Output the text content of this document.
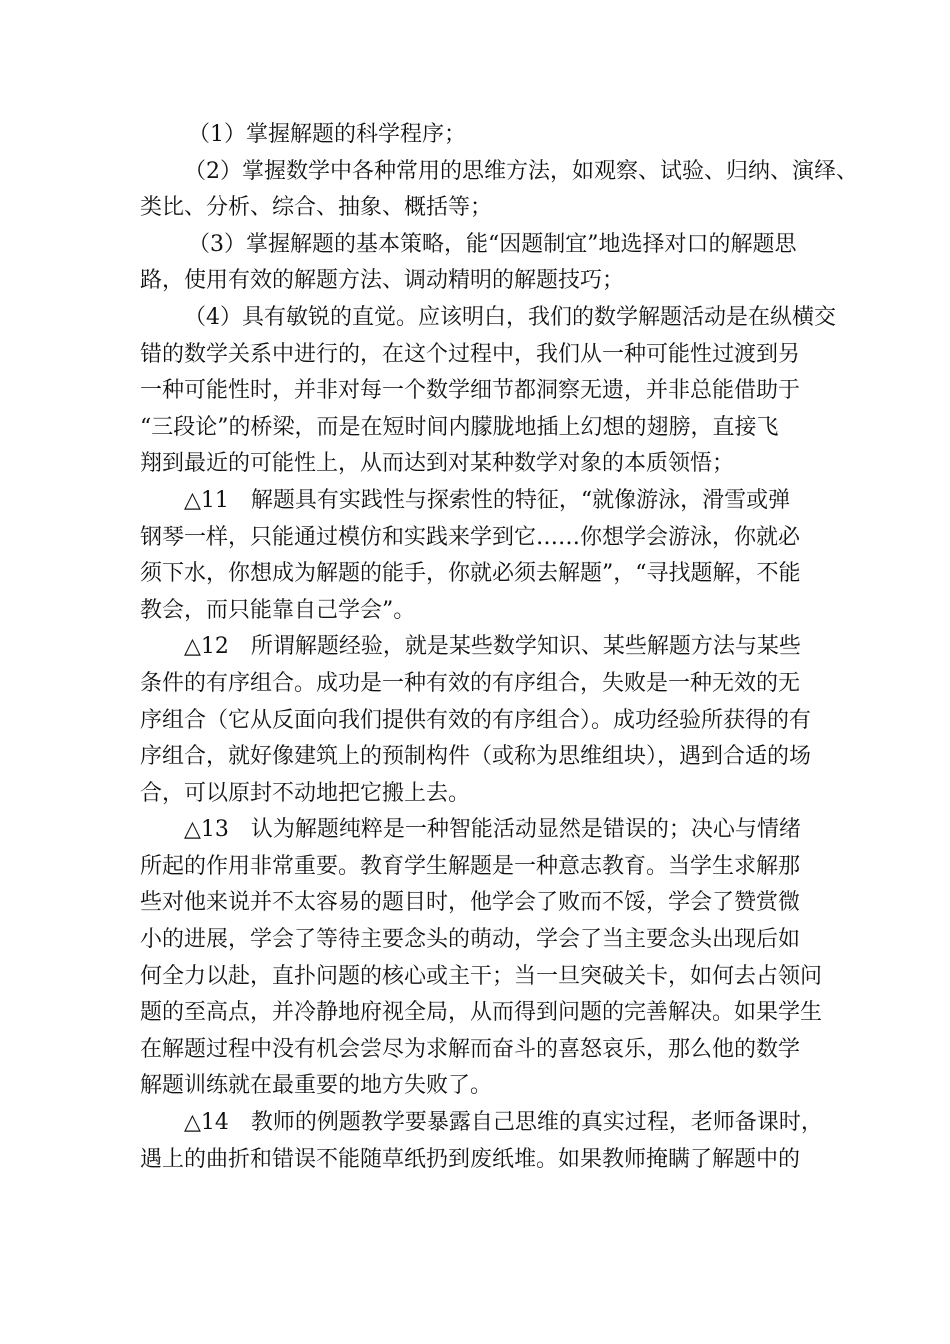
（1）掌握解题的科学程序；

（2）掌握数学中各种常用的思维方法，如观察、试验、归纳、演绎、
类比、分析、综合、抽象、概括等；

（3）掌握解题的基本策略，能“因题制宜”地选择对口的解题思
路，使用有效的解题方法、调动精明的解题技巧；

（4）具有敏锐的直觉。应该明白，我们的数学解题活动是在纵横交
错的数学关系中进行的，在这个过程中，我们从一种可能性过渡到另
一种可能性时，并非对每一个数学细节都洞察无遗，并非总能借助于
“三段论”的桥梁，而是在短时间内朦胧地插上幻想的翅膀，直接飞
翔到最近的可能性上，从而达到对某种数学对象的本质领悟；

△11　解题具有实践性与探索性的特征，“就像游泳，滑雪或弹
钢琴一样，只能通过模仿和实践来学到它……你想学会游泳，你就必
须下水，你想成为解题的能手，你就必须去解题”，“寻找题解，不能
教会，而只能靠自己学会”。

△12　所谓解题经验，就是某些数学知识、某些解题方法与某些
条件的有序组合。成功是一种有效的有序组合，失败是一种无效的无
序组合（它从反面向我们提供有效的有序组合）。成功经验所获得的有
序组合，就好像建筑上的预制构件（或称为思维组块），遇到合适的场
合，可以原封不动地把它搬上去。

△13　认为解题纯粹是一种智能活动显然是错误的；决心与情绪
所起的作用非常重要。教育学生解题是一种意志教育。当学生求解那
些对他来说并不太容易的题目时，他学会了败而不馁，学会了赞赏微
小的进展，学会了等待主要念头的萌动，学会了当主要念头出现后如
何全力以赴，直扑问题的核心或主干；当一旦突破关卡，如何去占领问
题的至高点，并冷静地府视全局，从而得到问题的完善解决。如果学生
在解题过程中没有机会尝尽为求解而奋斗的喜怒哀乐，那么他的数学
解题训练就在最重要的地方失败了。

△14　教师的例题教学要暴露自己思维的真实过程，老师备课时，
遇上的曲折和错误不能随草纸扔到废纸堆。如果教师掩瞒了解题中的
